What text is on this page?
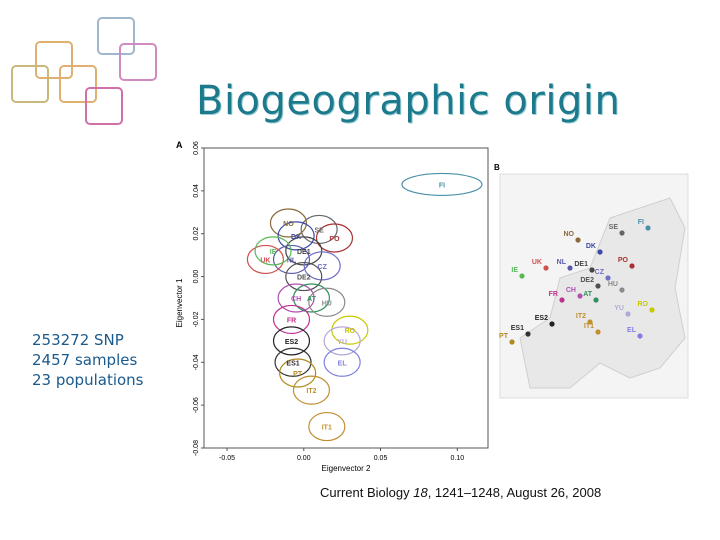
Biogeographic origin
253272 SNP
2457 samples
23 populations
A 0.06
0.04
0.02
0.00
-0.02
-0.04
-0.06
-0.08
-0.05	0.00	0.05	0.10
Eigenvector 1
Eigenvector 2
FI
SE
NO
DK	PO
DE1
NL
UK
IE
CZ
DE2
CH AT
HU
FR
RO
ES2	YU
EL
ES1
PT
IT2
IT1
B
FI
SE
NO
DK
PO
IE
UK NL DE1
CZ
DE2
HU
FR
CH
AT
RO
ES2	IT2
YU
ES1	IT1
PT
EL
Current Biology 18, 1241–1248, August 26, 2008
